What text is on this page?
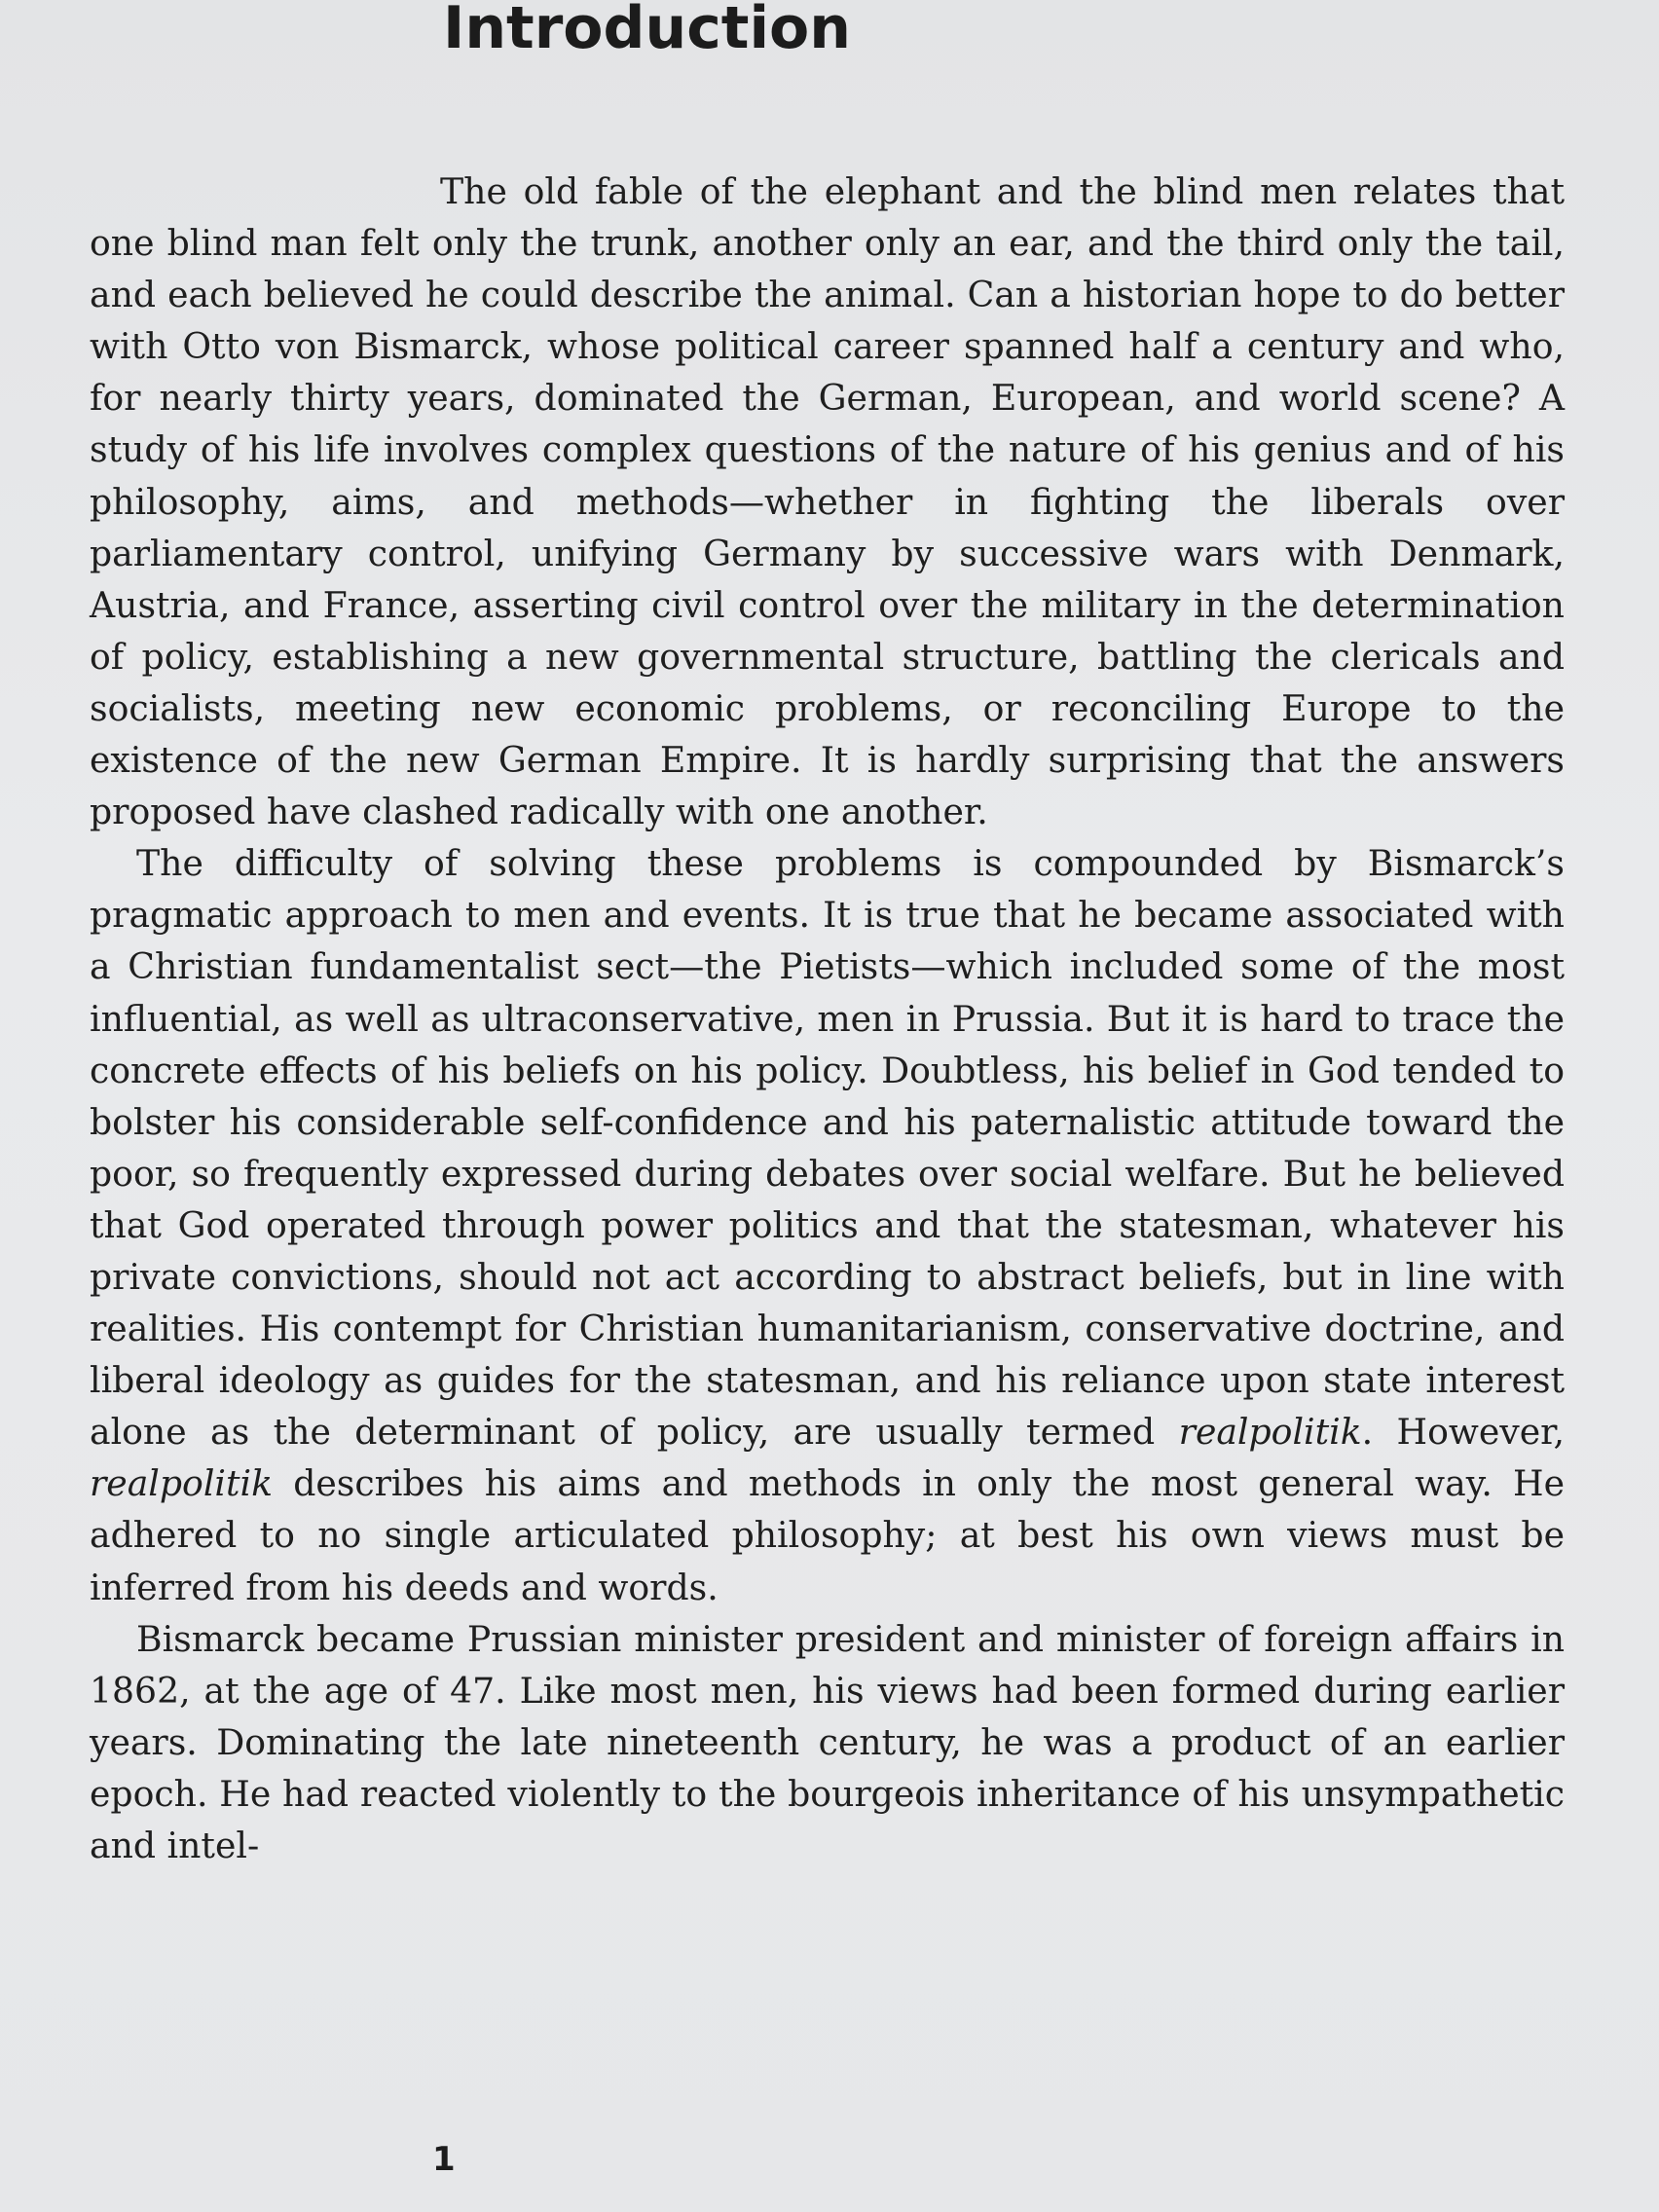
Introduction

The old fable of the elephant and the blind men relates that one blind man felt only the trunk, another only an ear, and the third only the tail, and each believed he could describe the animal. Can a historian hope to do better with Otto von Bismarck, whose political career spanned half a century and who, for nearly thirty years, dominated the German, European, and world scene? A study of his life involves complex questions of the nature of his genius and of his philosophy, aims, and methods—whether in fighting the liberals over parliamentary control, unifying Germany by successive wars with Denmark, Austria, and France, asserting civil control over the military in the determination of policy, establishing a new governmental structure, battling the clericals and socialists, meeting new economic problems, or reconciling Europe to the existence of the new German Empire. It is hardly surprising that the answers proposed have clashed radically with one another.

The difficulty of solving these problems is compounded by Bismarck’s pragmatic approach to men and events. It is true that he became associated with a Christian fundamentalist sect—the Pietists—which included some of the most influential, as well as ultraconservative, men in Prussia. But it is hard to trace the concrete effects of his beliefs on his policy. Doubtless, his belief in God tended to bolster his considerable self-confidence and his paternalistic attitude toward the poor, so frequently expressed during debates over social welfare. But he believed that God operated through power politics and that the statesman, whatever his private convictions, should not act according to abstract beliefs, but in line with realities. His contempt for Christian humanitarianism, conservative doctrine, and liberal ideology as guides for the statesman, and his reliance upon state interest alone as the determinant of policy, are usually termed realpolitik. However, realpolitik describes his aims and methods in only the most general way. He adhered to no single articulated philosophy; at best his own views must be inferred from his deeds and words.

Bismarck became Prussian minister president and minister of foreign affairs in 1862, at the age of 47. Like most men, his views had been formed during earlier years. Dominating the late nineteenth century, he was a product of an earlier epoch. He had reacted violently to the bourgeois inheritance of his unsympathetic and intel-

1
